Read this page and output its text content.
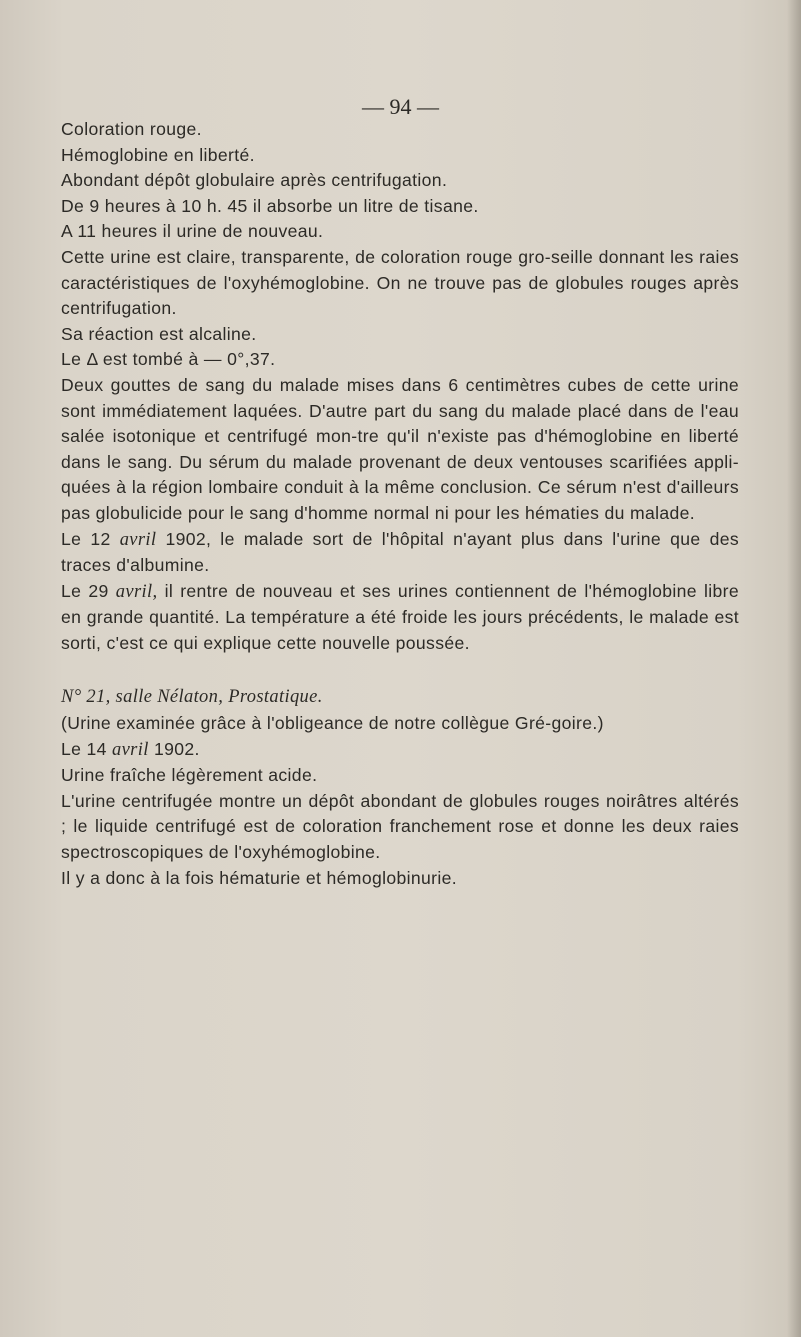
— 94 —

Coloration rouge.

Hémoglobine en liberté.

Abondant dépôt globulaire après centrifugation.

De 9 heures à 10 h. 45 il absorbe un litre de tisane.

A 11 heures il urine de nouveau.

Cette urine est claire, transparente, de coloration rouge gro-seille donnant les raies caractéristiques de l'oxyhémoglobine. On ne trouve pas de globules rouges après centrifugation.

Sa réaction est alcaline.

Le Δ est tombé à — 0°,37.

Deux gouttes de sang du malade mises dans 6 centimètres cubes de cette urine sont immédiatement laquées. D'autre part du sang du malade placé dans de l'eau salée isotonique et centrifugé mon-tre qu'il n'existe pas d'hémoglobine en liberté dans le sang. Du sérum du malade provenant de deux ventouses scarifiées appli-quées à la région lombaire conduit à la même conclusion. Ce sérum n'est d'ailleurs pas globulicide pour le sang d'homme normal ni pour les hématies du malade.

Le 12 avril 1902, le malade sort de l'hôpital n'ayant plus dans l'urine que des traces d'albumine.

Le 29 avril, il rentre de nouveau et ses urines contiennent de l'hémoglobine libre en grande quantité. La température a été froide les jours précédents, le malade est sorti, c'est ce qui explique cette nouvelle poussée.

N° 21, salle Nélaton, Prostatique.

(Urine examinée grâce à l'obligeance de notre collègue Gré-goire.)

Le 14 avril 1902.

Urine fraîche légèrement acide.

L'urine centrifugée montre un dépôt abondant de globules rouges noirâtres altérés ; le liquide centrifugé est de coloration franchement rose et donne les deux raies spectroscopiques de l'oxyhémoglobine.

Il y a donc à la fois hématurie et hémoglobinurie.
